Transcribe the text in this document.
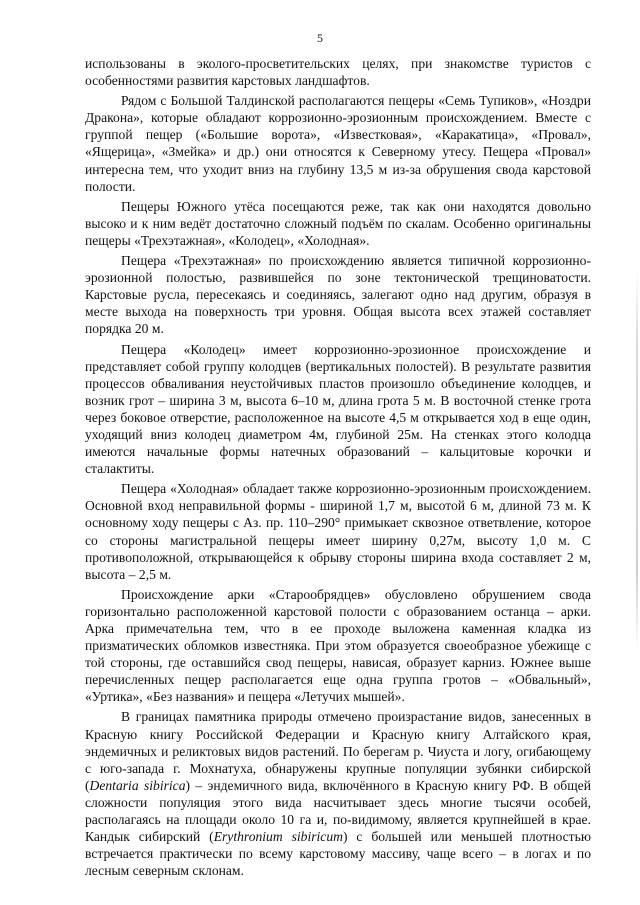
5

использованы в эколого-просветительских целях, при знакомстве туристов с особенностями развития карстовых ландшафтов.

Рядом с Большой Талдинской располагаются пещеры «Семь Тупиков», «Ноздри Дракона», которые обладают коррозионно-эрозионным происхождением. Вместе с группой пещер («Большие ворота», «Известковая», «Каракатица», «Провал», «Ящерица», «Змейка» и др.) они относятся к Северному утесу. Пещера «Провал» интересна тем, что уходит вниз на глубину 13,5 м из-за обрушения свода карстовой полости.

Пещеры Южного утёса посещаются реже, так как они находятся довольно высоко и к ним ведёт достаточно сложный подъём по скалам. Особенно оригинальны пещеры «Трехэтажная», «Колодец», «Холодная».

Пещера «Трехэтажная» по происхождению является типичной коррозионно-эрозионной полостью, развившейся по зоне тектонической трещиноватости. Карстовые русла, пересекаясь и соединяясь, залегают одно над другим, образуя в месте выхода на поверхность три уровня. Общая высота всех этажей составляет порядка 20 м.

Пещера «Колодец» имеет коррозионно-эрозионное происхождение и представляет собой группу колодцев (вертикальных полостей). В результате развития процессов обваливания неустойчивых пластов произошло объединение колодцев, и возник грот – ширина 3 м, высота 6–10 м, длина грота 5 м. В восточной стенке грота через боковое отверстие, расположенное на высоте 4,5 м открывается ход в еще один, уходящий вниз колодец диаметром 4м, глубиной 25м. На стенках этого колодца имеются начальные формы натечных образований – кальцитовые корочки и сталактиты.

Пещера «Холодная» обладает также коррозионно-эрозионным происхождением. Основной вход неправильной формы - шириной 1,7 м, высотой 6 м, длиной 73 м. К основному ходу пещеры с Аз. пр. 110–290° примыкает сквозное ответвление, которое со стороны магистральной пещеры имеет ширину 0,27м, высоту 1,0 м. С противоположной, открывающейся к обрыву стороны ширина входа составляет 2 м, высота – 2,5 м.

Происхождение арки «Старообрядцев» обусловлено обрушением свода горизонтально расположенной карстовой полости с образованием останца – арки. Арка примечательна тем, что в ее проходе выложена каменная кладка из призматических обломков известняка. При этом образуется своеобразное убежище с той стороны, где оставшийся свод пещеры, нависая, образует карниз. Южнее выше перечисленных пещер располагается еще одна группа гротов – «Обвальный», «Уртика», «Без названия» и пещера «Летучих мышей».

В границах памятника природы отмечено произрастание видов, занесенных в Красную книгу Российской Федерации и Красную книгу Алтайского края, эндемичных и реликтовых видов растений. По берегам р. Чиуста и логу, огибающему с юго-запада г. Мохнатуха, обнаружены крупные популяции зубянки сибирской (Dentaria sibirica) – эндемичного вида, включённого в Красную книгу РФ. В общей сложности популяция этого вида насчитывает здесь многие тысячи особей, располагаясь на площади около 10 га и, по-видимому, является крупнейшей в крае. Кандык сибирский (Erythronium sibiricum) с большей или меньшей плотностью встречается практически по всему карстовому массиву, чаще всего – в логах и по лесным северным склонам.
